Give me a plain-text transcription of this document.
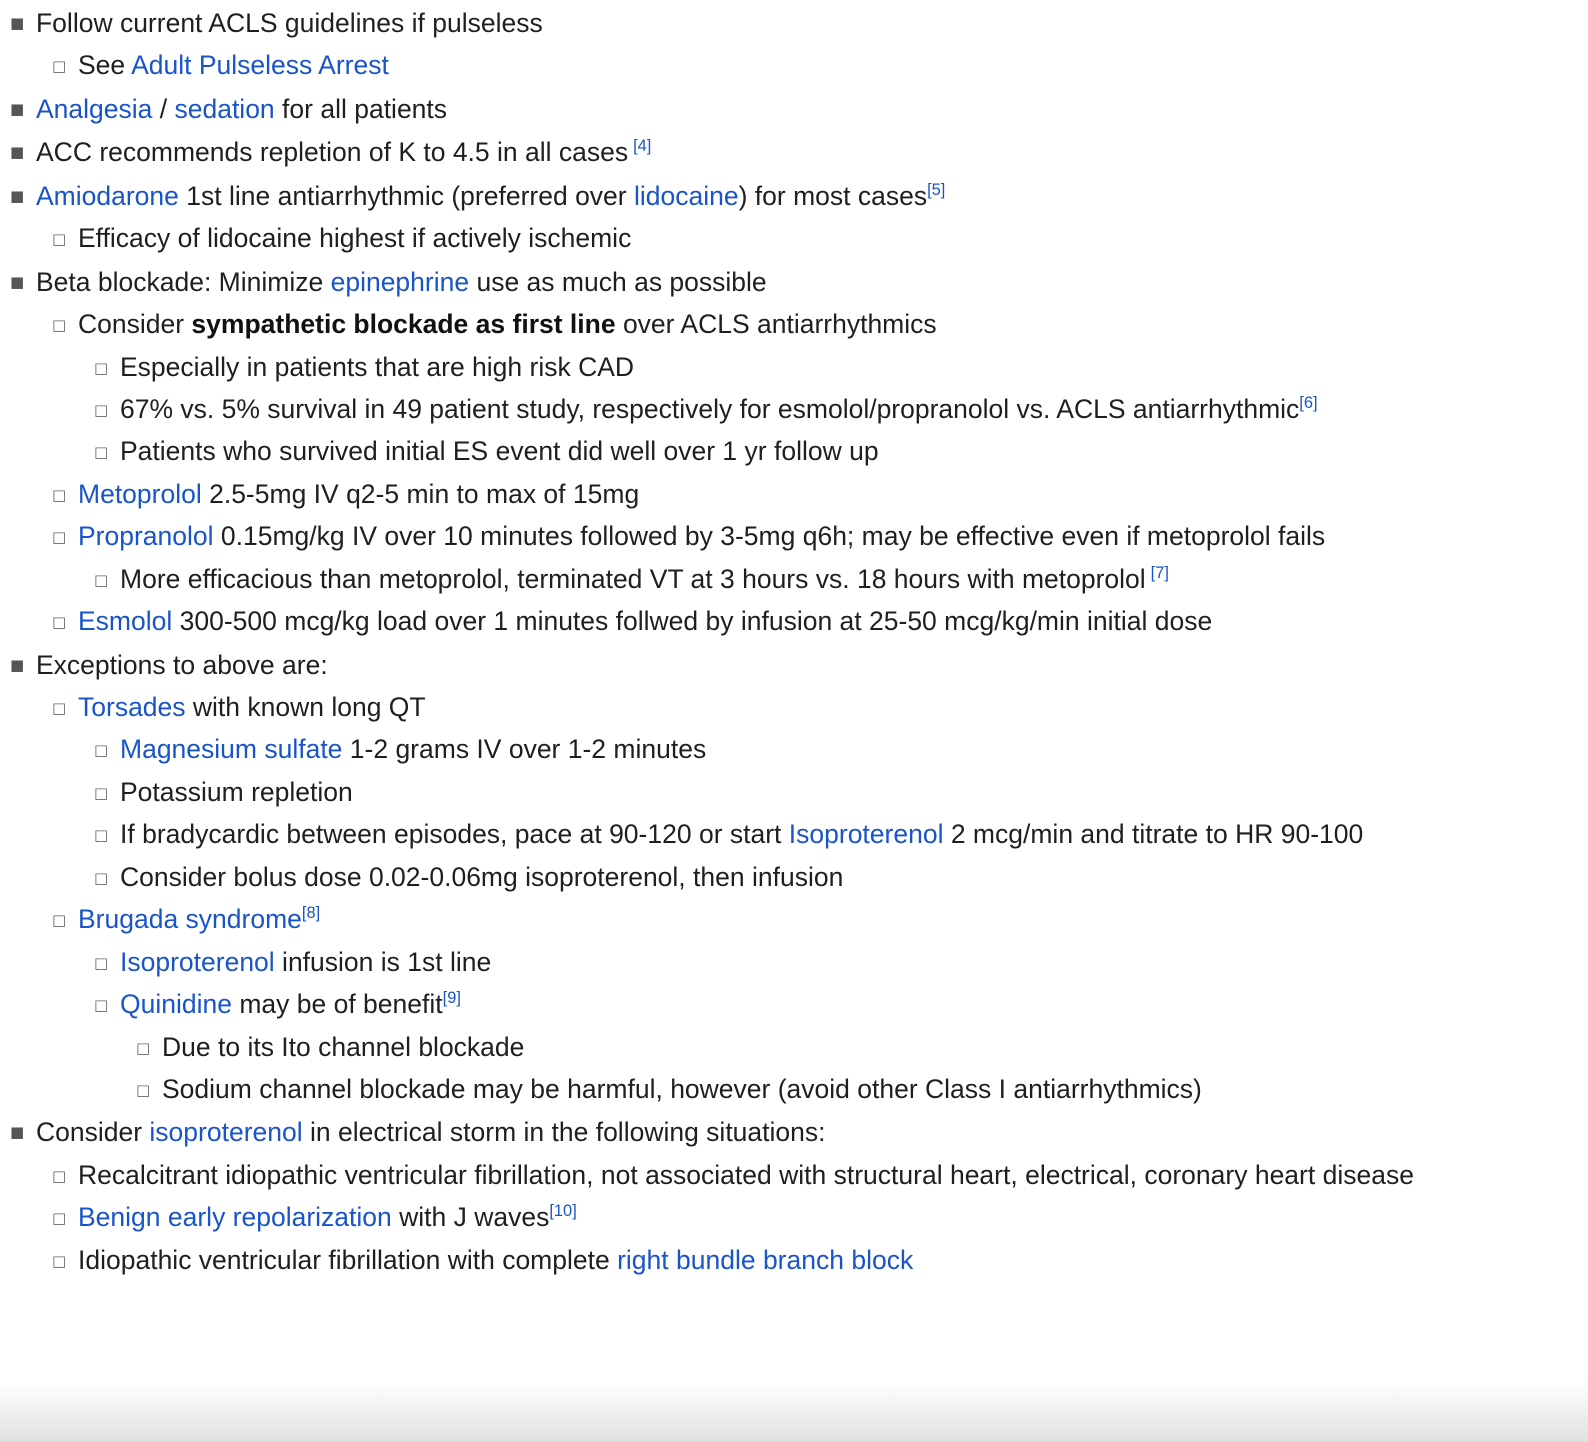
■
Follow current ACLS guidelines if pulseless
□
See Adult Pulseless Arrest
■
Analgesia / sedation for all patients
■
ACC recommends repletion of K to 4.5 in all cases [4]
■
Amiodarone 1st line antiarrhythmic (preferred over lidocaine) for most cases[5]
□
Efficacy of lidocaine highest if actively ischemic
■
Beta blockade: Minimize epinephrine use as much as possible
□
Consider sympathetic blockade as first line over ACLS antiarrhythmics
□
Especially in patients that are high risk CAD
□
67% vs. 5% survival in 49 patient study, respectively for esmolol/propranolol vs. ACLS antiarrhythmic[6]
□
Patients who survived initial ES event did well over 1 yr follow up
□
Metoprolol 2.5-5mg IV q2-5 min to max of 15mg
□
Propranolol 0.15mg/kg IV over 10 minutes followed by 3-5mg q6h; may be effective even if metoprolol fails
□
More efficacious than metoprolol, terminated VT at 3 hours vs. 18 hours with metoprolol [7]
□
Esmolol 300-500 mcg/kg load over 1 minutes follwed by infusion at 25-50 mcg/kg/min initial dose
■
Exceptions to above are:
□
Torsades with known long QT
□
Magnesium sulfate 1-2 grams IV over 1-2 minutes
□
Potassium repletion
□
If bradycardic between episodes, pace at 90-120 or start Isoproterenol 2 mcg/min and titrate to HR 90-100
□
Consider bolus dose 0.02-0.06mg isoproterenol, then infusion
□
Brugada syndrome[8]
□
Isoproterenol infusion is 1st line
□
Quinidine may be of benefit[9]
□
Due to its Ito channel blockade
□
Sodium channel blockade may be harmful, however (avoid other Class I antiarrhythmics)
■
Consider isoproterenol in electrical storm in the following situations:
□
Recalcitrant idiopathic ventricular fibrillation, not associated with structural heart, electrical, coronary heart disease
□
Benign early repolarization with J waves[10]
□
Idiopathic ventricular fibrillation with complete right bundle branch block
